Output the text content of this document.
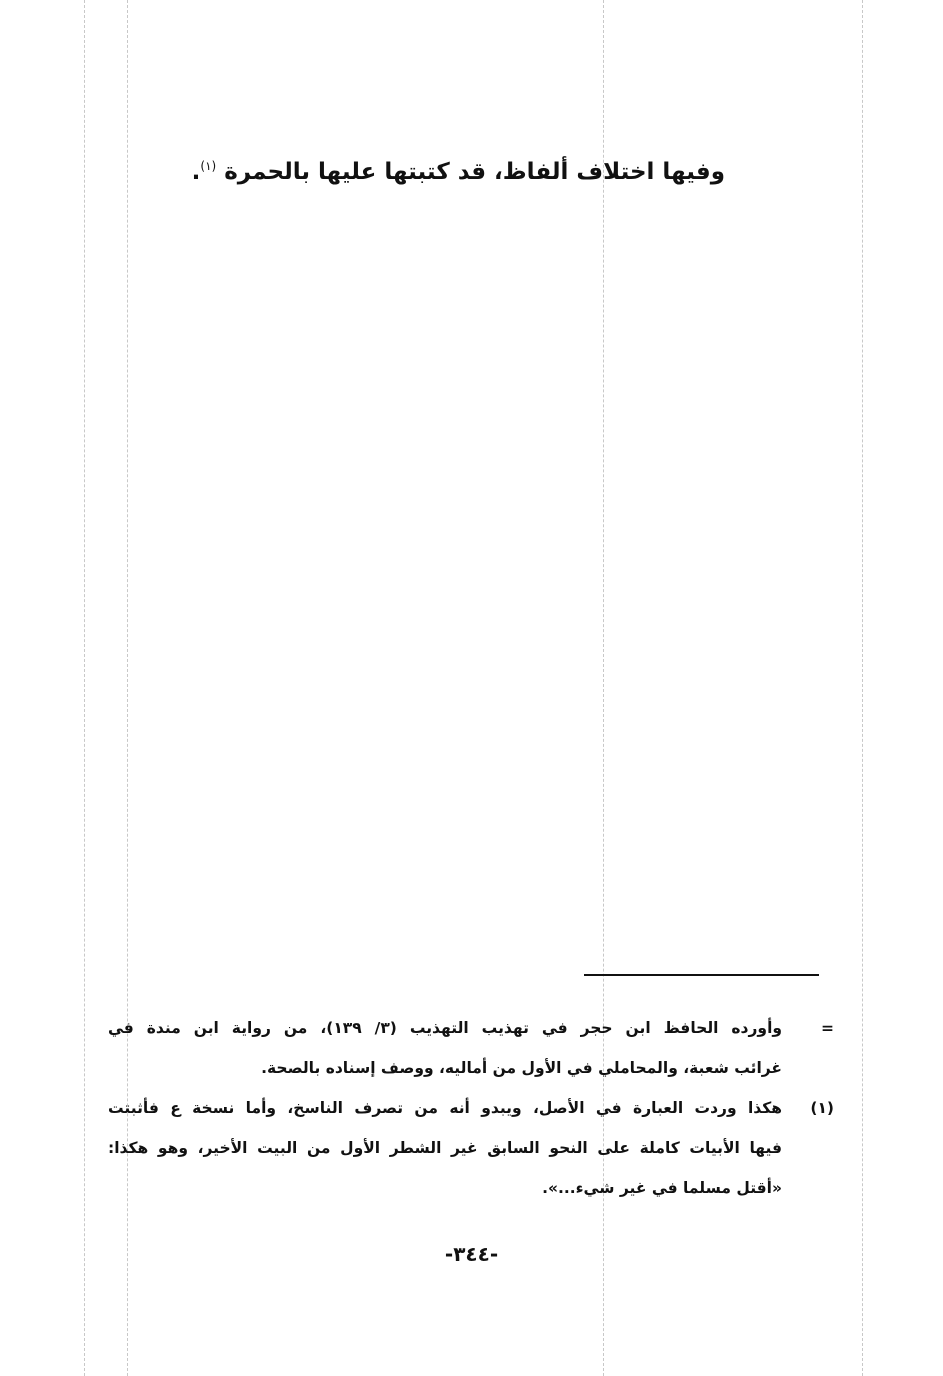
وفيها اختلاف ألفاظ، قد كتبتها عليها بالحمرة $^{(١)}$.
=
وأورده الحافظ ابن حجر في تهذيب التهذيب (٣/ ١٣٩)، من رواية ابن مندة في
غرائب شعبة، والمحاملي في الأول من أماليه، ووصف إسناده بالصحة.
(١)
هكذا وردت العبارة في الأصل، ويبدو أنه من تصرف الناسخ، وأما نسخة ع فأثبتت
فيها الأبيات كاملة على النحو السابق غير الشطر الأول من البيت الأخير، وهو هكذا:
«أقتل مسلما في غير شيء...».
-٣٤٤-
